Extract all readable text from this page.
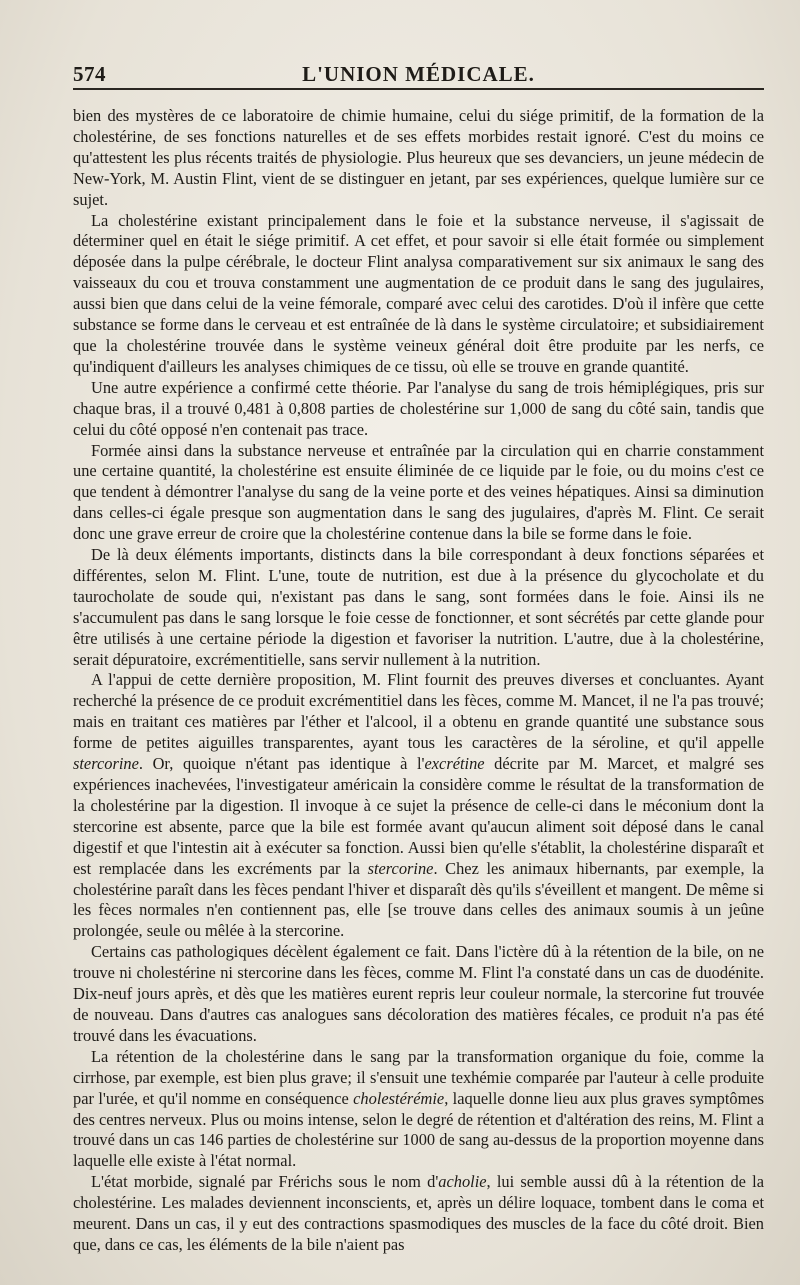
574	L'UNION MÉDICALE.

bien des mystères de ce laboratoire de chimie humaine, celui du siége primitif, de la formation de la cholestérine, de ses fonctions naturelles et de ses effets morbides restait ignoré. C'est du moins ce qu'attestent les plus récents traités de physiologie. Plus heureux que ses devanciers, un jeune médecin de New-York, M. Austin Flint, vient de se distinguer en jetant, par ses expériences, quelque lumière sur ce sujet.

La cholestérine existant principalement dans le foie et la substance nerveuse, il s'agissait de déterminer quel en était le siége primitif. A cet effet, et pour savoir si elle était formée ou simplement déposée dans la pulpe cérébrale, le docteur Flint analysa comparativement sur six animaux le sang des vaisseaux du cou et trouva constamment une augmentation de ce produit dans le sang des jugulaires, aussi bien que dans celui de la veine fémorale, comparé avec celui des carotides. D'où il infère que cette substance se forme dans le cerveau et est entraînée de là dans le système circulatoire; et subsidiairement que la cholestérine trouvée dans le système veineux général doit être produite par les nerfs, ce qu'indiquent d'ailleurs les analyses chimiques de ce tissu, où elle se trouve en grande quantité.

Une autre expérience a confirmé cette théorie. Par l'analyse du sang de trois hémiplégiques, pris sur chaque bras, il a trouvé 0,481 à 0,808 parties de cholestérine sur 1,000 de sang du côté sain, tandis que celui du côté opposé n'en contenait pas trace.

Formée ainsi dans la substance nerveuse et entraînée par la circulation qui en charrie constamment une certaine quantité, la cholestérine est ensuite éliminée de ce liquide par le foie, ou du moins c'est ce que tendent à démontrer l'analyse du sang de la veine porte et des veines hépatiques. Ainsi sa diminution dans celles-ci égale presque son augmentation dans le sang des jugulaires, d'après M. Flint. Ce serait donc une grave erreur de croire que la cholestérine contenue dans la bile se forme dans le foie.

De là deux éléments importants, distincts dans la bile correspondant à deux fonctions séparées et différentes, selon M. Flint. L'une, toute de nutrition, est due à la présence du glycocholate et du taurocholate de soude qui, n'existant pas dans le sang, sont formées dans le foie. Ainsi ils ne s'accumulent pas dans le sang lorsque le foie cesse de fonctionner, et sont sécrétés par cette glande pour être utilisés à une certaine période la digestion et favoriser la nutrition. L'autre, due à la cholestérine, serait dépuratoire, excrémentitielle, sans servir nullement à la nutrition.

A l'appui de cette dernière proposition, M. Flint fournit des preuves diverses et concluantes. Ayant recherché la présence de ce produit excrémentitiel dans les fèces, comme M. Mancet, il ne l'a pas trouvé; mais en traitant ces matières par l'éther et l'alcool, il a obtenu en grande quantité une substance sous forme de petites aiguilles transparentes, ayant tous les caractères de la séroline, et qu'il appelle stercorine. Or, quoique n'étant pas identique à l'excrétine décrite par M. Marcet, et malgré ses expériences inachevées, l'investigateur américain la considère comme le résultat de la transformation de la cholestérine par la digestion. Il invoque à ce sujet la présence de celle-ci dans le méconium dont la stercorine est absente, parce que la bile est formée avant qu'aucun aliment soit déposé dans le canal digestif et que l'intestin ait à exécuter sa fonction. Aussi bien qu'elle s'établit, la cholestérine disparaît et est remplacée dans les excréments par la stercorine. Chez les animaux hibernants, par exemple, la cholestérine paraît dans les fèces pendant l'hiver et disparaît dès qu'ils s'éveillent et mangent. De même si les fèces normales n'en contiennent pas, elle [se trouve dans celles des animaux soumis à un jeûne prolongée, seule ou mêlée à la stercorine.

Certains cas pathologiques décèlent également ce fait. Dans l'ictère dû à la rétention de la bile, on ne trouve ni cholestérine ni stercorine dans les fèces, comme M. Flint l'a constaté dans un cas de duodénite. Dix-neuf jours après, et dès que les matières eurent repris leur couleur normale, la stercorine fut trouvée de nouveau. Dans d'autres cas analogues sans décoloration des matières fécales, ce produit n'a pas été trouvé dans les évacuations.

La rétention de la cholestérine dans le sang par la transformation organique du foie, comme la cirrhose, par exemple, est bien plus grave; il s'ensuit une texhémie comparée par l'auteur à celle produite par l'urée, et qu'il nomme en conséquence cholestérémie, laquelle donne lieu aux plus graves symptômes des centres nerveux. Plus ou moins intense, selon le degré de rétention et d'altération des reins, M. Flint a trouvé dans un cas 146 parties de cholestérine sur 1000 de sang au-dessus de la proportion moyenne dans laquelle elle existe à l'état normal.

L'état morbide, signalé par Frérichs sous le nom d'acholie, lui semble aussi dû à la rétention de la cholestérine. Les malades deviennent inconscients, et, après un délire loquace, tombent dans le coma et meurent. Dans un cas, il y eut des contractions spasmodiques des muscles de la face du côté droit. Bien que, dans ce cas, les éléments de la bile n'aient pas
